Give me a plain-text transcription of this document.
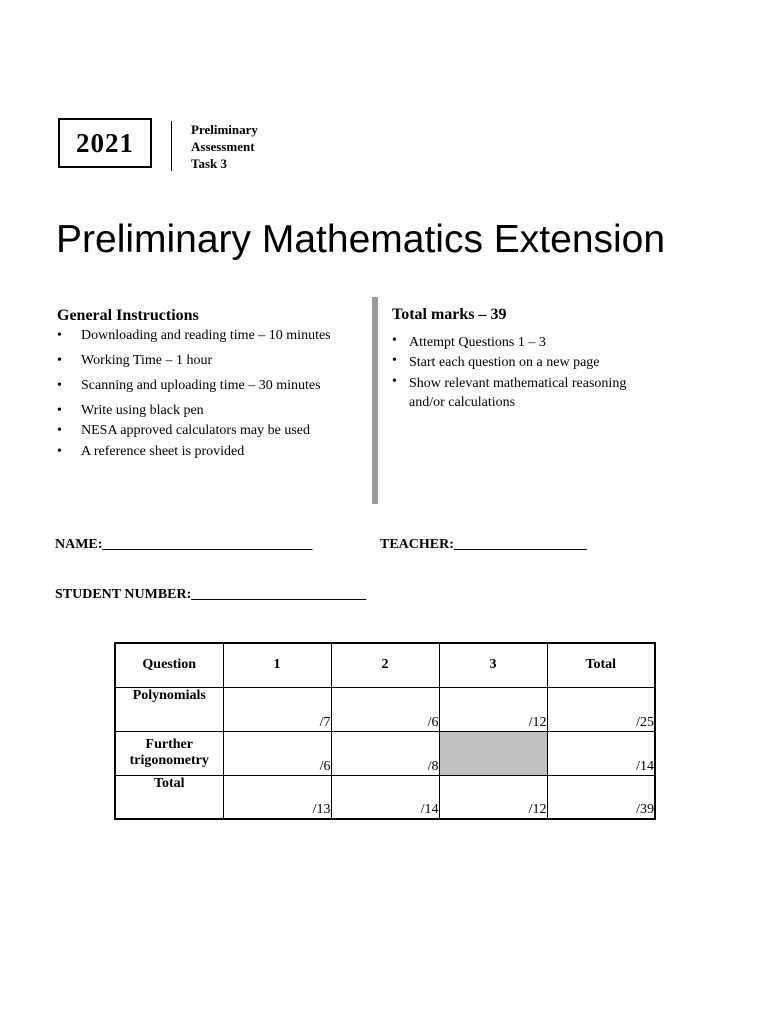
2021	Preliminary
Assessment
Task 3
Preliminary Mathematics Extension
General Instructions
• Downloading and reading time – 10 minutes
• Working Time – 1 hour
• Scanning and uploading time – 30 minutes
• Write using black pen
• NESA approved calculators may be used
• A reference sheet is provided
Total marks – 39
• Attempt Questions 1 – 3
• Start each question on a new page
• Show relevant mathematical reasoning
and/or calculations
NAME:______________________________	TEACHER:___________________
STUDENT NUMBER:_________________________
Question	1	2	3	Total
Polynomials	/7	/6	/12	/25

Further
trigonometry	/6	/8		/14
Total	/13	/14	/12	/39
